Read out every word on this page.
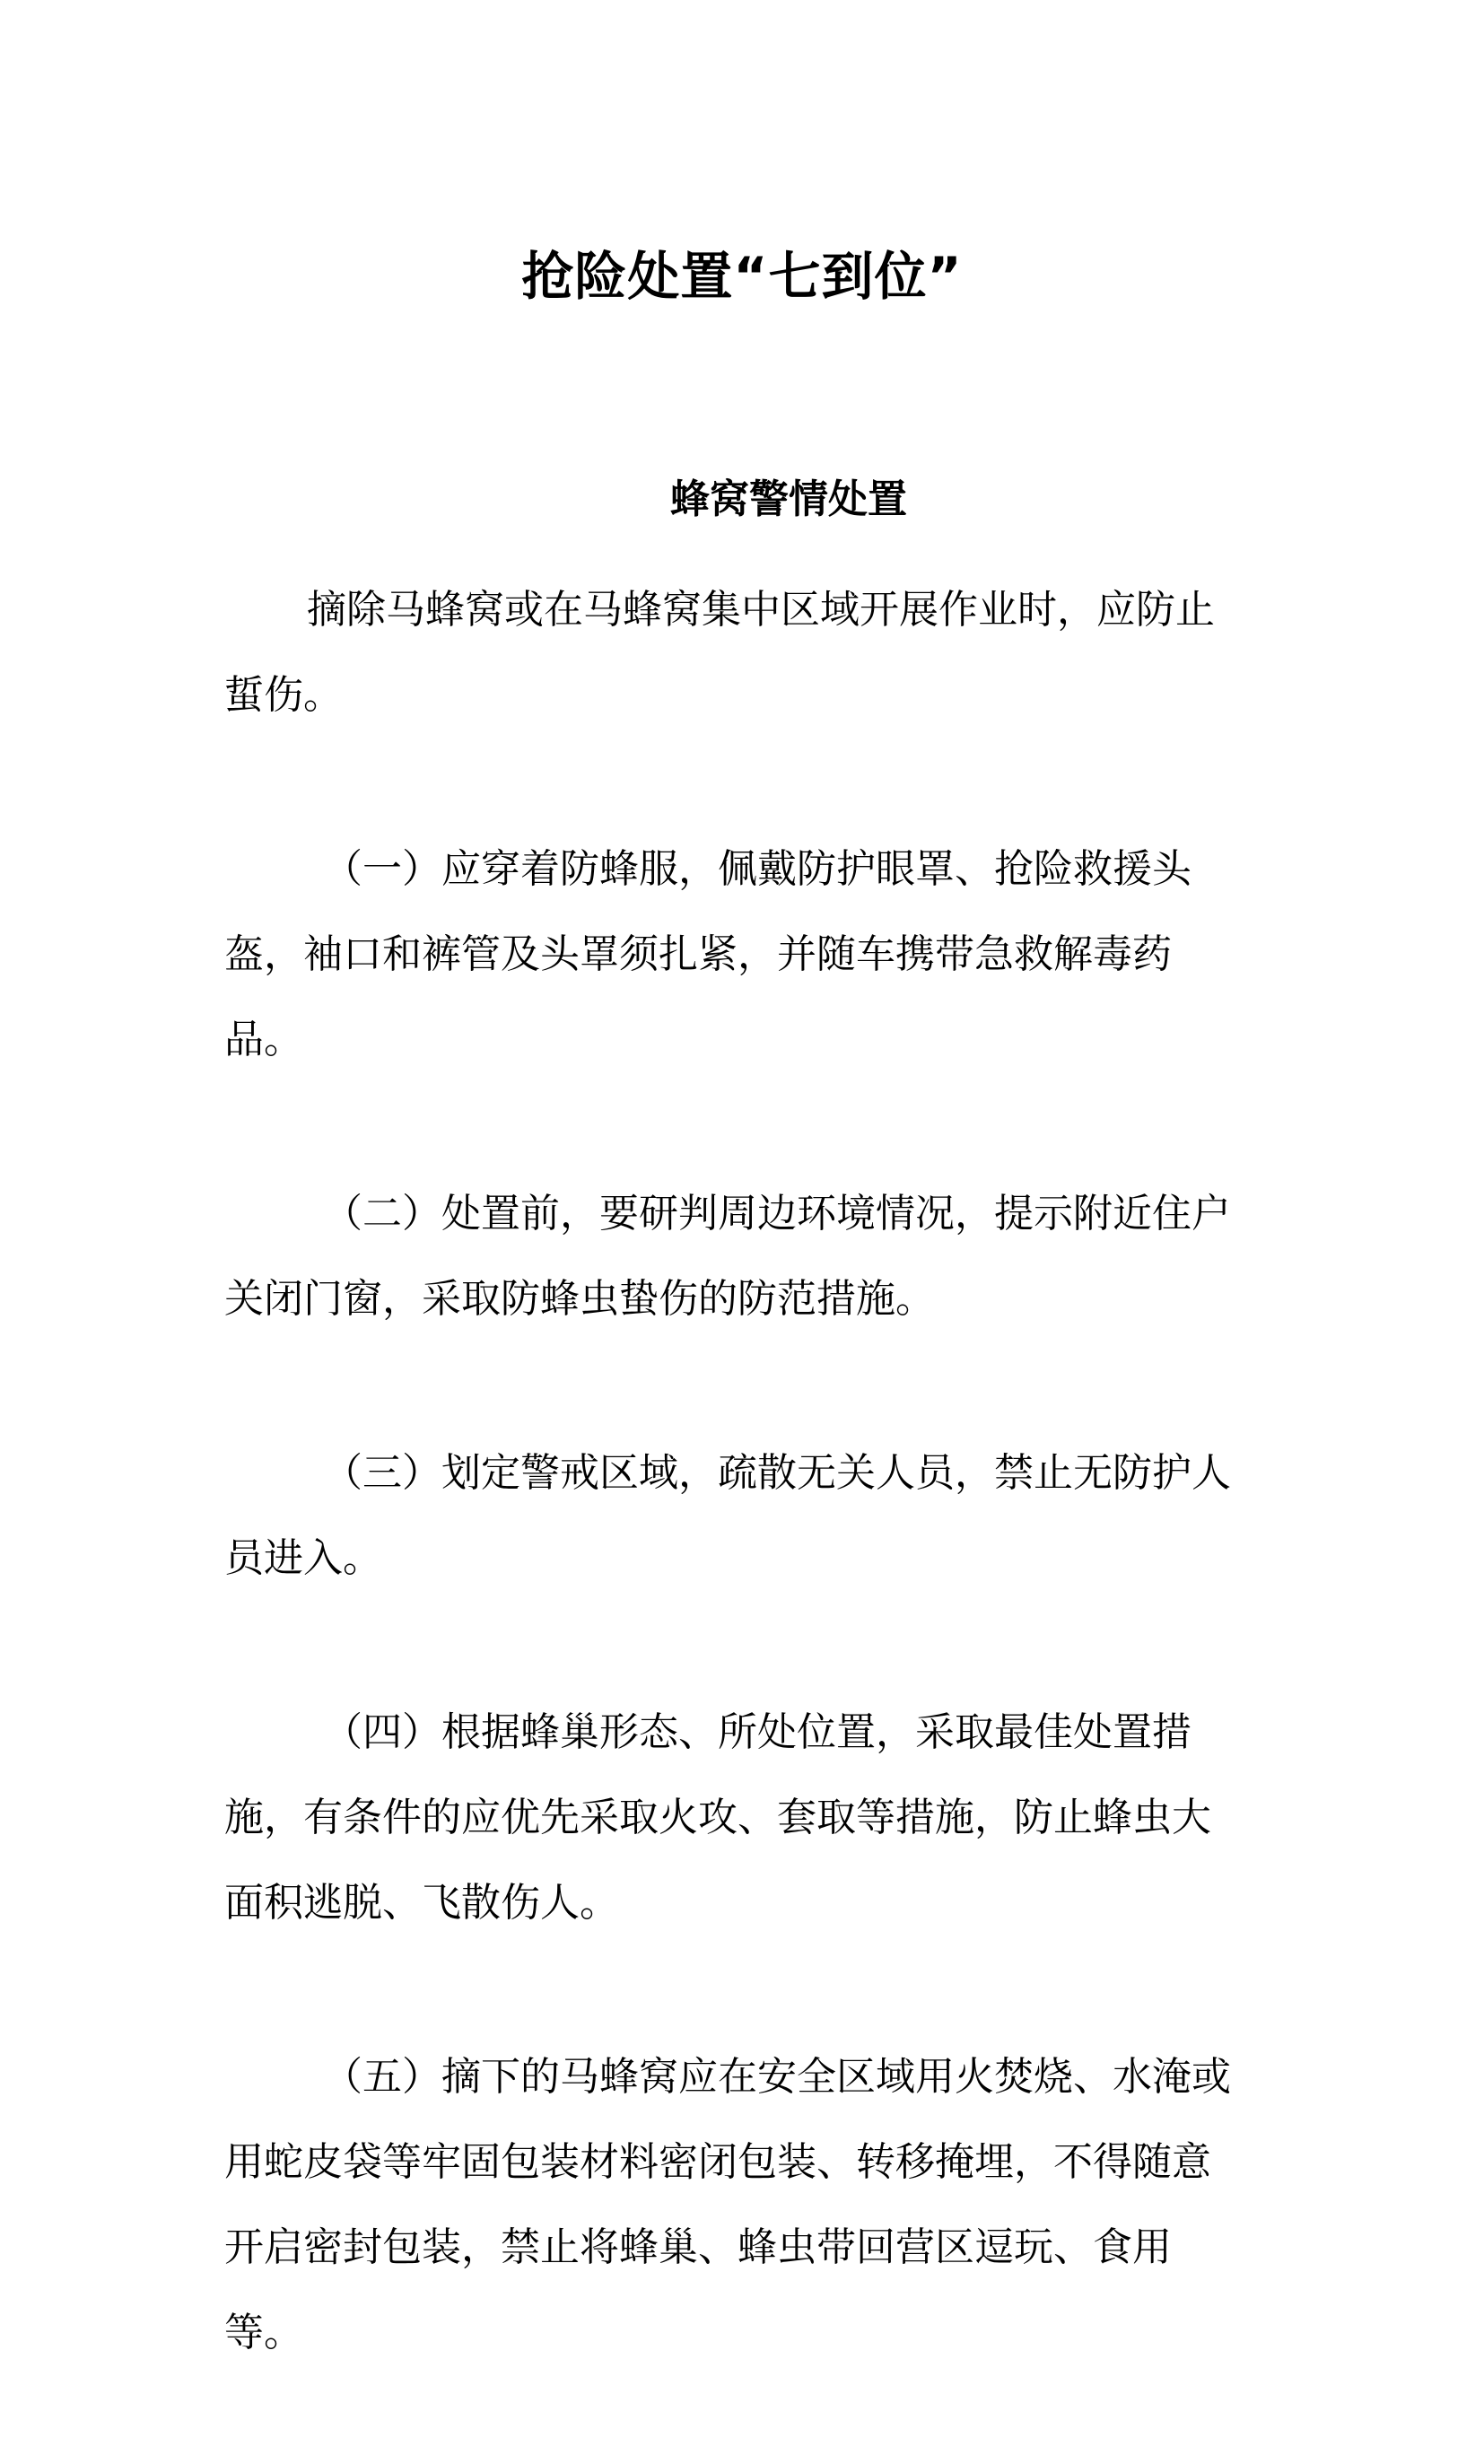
抢险处置“七到位”
蜂窝警情处置

摘除马蜂窝或在马蜂窝集中区域开展作业时，应防止蜇伤。

（一）应穿着防蜂服，佩戴防护眼罩、抢险救援头盔，袖口和裤管及头罩须扎紧，并随车携带急救解毒药品。

（二）处置前，要研判周边环境情况，提示附近住户关闭门窗，采取防蜂虫蛰伤的防范措施。

（三）划定警戒区域，疏散无关人员，禁止无防护人员进入。

（四）根据蜂巢形态、所处位置，采取最佳处置措施，有条件的应优先采取火攻、套取等措施，防止蜂虫大面积逃脱、飞散伤人。

（五）摘下的马蜂窝应在安全区域用火焚烧、水淹或用蛇皮袋等牢固包装材料密闭包装、转移掩埋，不得随意开启密封包装，禁止将蜂巢、蜂虫带回营区逗玩、食用等。
